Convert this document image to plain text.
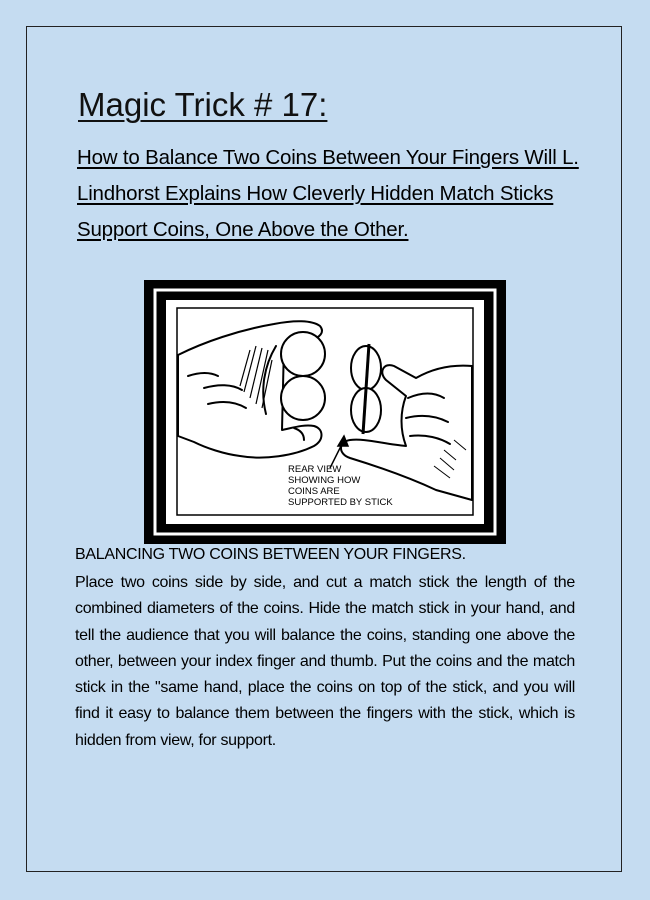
Magic Trick # 17:
How to Balance Two Coins Between Your Fingers Will L. Lindhorst Explains How Cleverly Hidden Match Sticks Support Coins, One Above the Other.
REAR VIEW
SHOWING HOW
COINS ARE
SUPPORTED BY STICK
BALANCING TWO COINS BETWEEN YOUR FINGERS.

Place two coins side by side, and cut a match stick the length of the combined diameters of the coins. Hide the match stick in your hand, and tell the audience that you will balance the coins, standing one above the other, between your index finger and thumb. Put the coins and the match stick in the "same hand, place the coins on top of the stick, and you will find it easy to balance them between the fingers with the stick, which is hidden from view, for support.
